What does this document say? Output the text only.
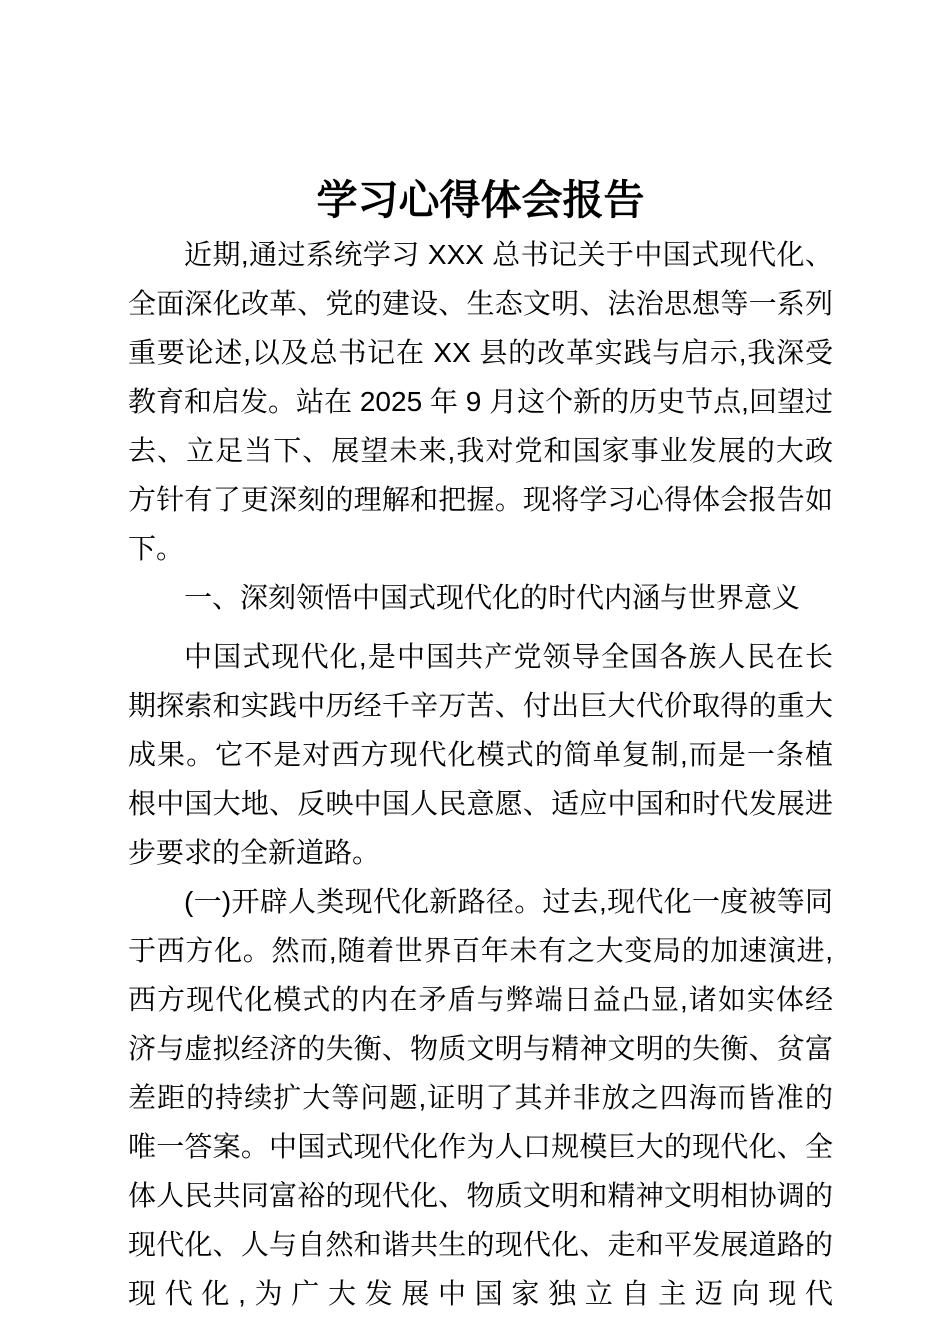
学习心得体会报告

近期,通过系统学习 XXX 总书记关于中国式现代化、全面深化改革、党的建设、生态文明、法治思想等一系列重要论述,以及总书记在 XX 县的改革实践与启示,我深受教育和启发。站在 2025 年 9 月这个新的历史节点,回望过去、立足当下、展望未来,我对党和国家事业发展的大政方针有了更深刻的理解和把握。现将学习心得体会报告如下。

一、深刻领悟中国式现代化的时代内涵与世界意义

中国式现代化,是中国共产党领导全国各族人民在长期探索和实践中历经千辛万苦、付出巨大代价取得的重大成果。它不是对西方现代化模式的简单复制,而是一条植根中国大地、反映中国人民意愿、适应中国和时代发展进步要求的全新道路。

(一)开辟人类现代化新路径。过去,现代化一度被等同于西方化。然而,随着世界百年未有之大变局的加速演进,西方现代化模式的内在矛盾与弊端日益凸显,诸如实体经济与虚拟经济的失衡、物质文明与精神文明的失衡、贫富差距的持续扩大等问题,证明了其并非放之四海而皆准的唯一答案。中国式现代化作为人口规模巨大的现代化、全体人民共同富裕的现代化、物质文明和精神文明相协调的现代化、人与自然和谐共生的现代化、走和平发展道路的现代化,为广大发展中国家独立自主迈向现代
